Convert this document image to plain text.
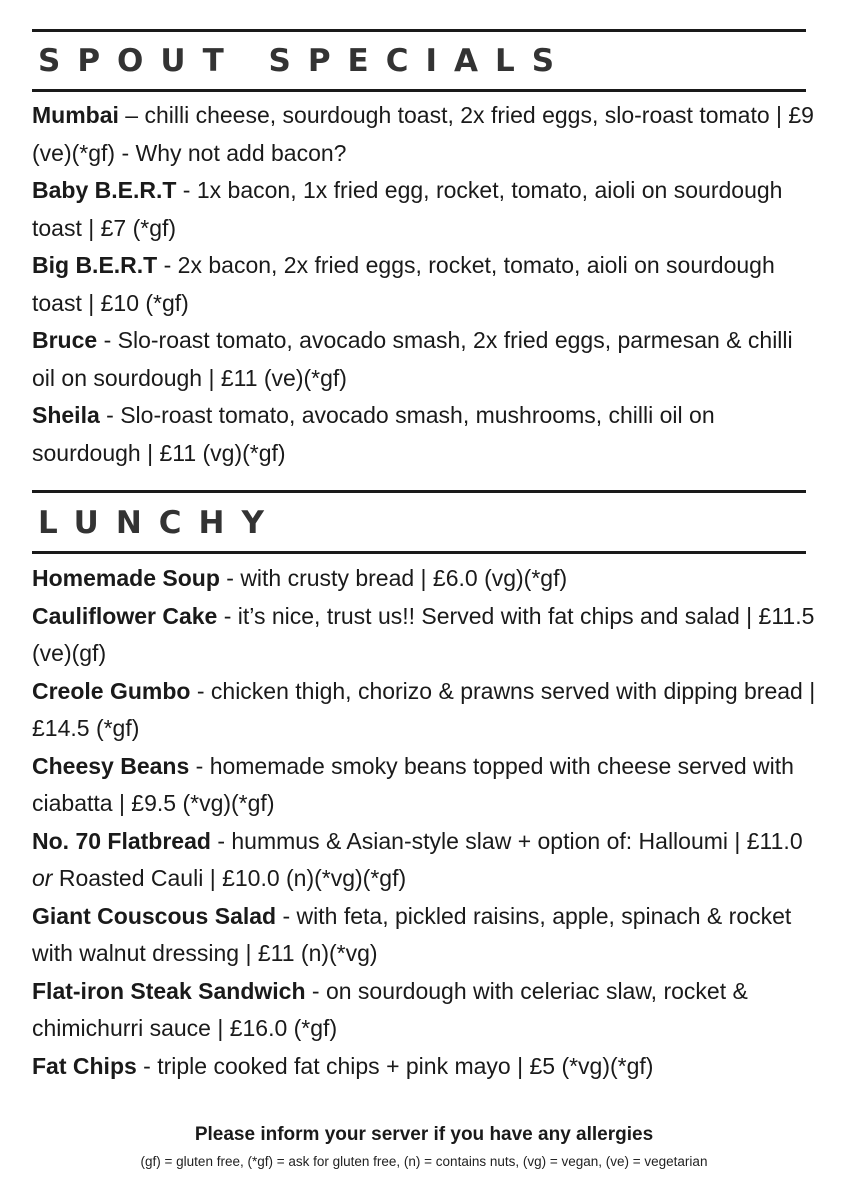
SPOUT SPECIALS
Mumbai – chilli cheese, sourdough toast, 2x fried eggs, slo-roast tomato | £9 (ve)(*gf) - Why not add bacon?
Baby B.E.R.T - 1x bacon, 1x fried egg, rocket, tomato, aioli on sourdough toast | £7 (*gf)
Big B.E.R.T - 2x bacon, 2x fried eggs, rocket, tomato, aioli on sourdough toast | £10 (*gf)
Bruce - Slo-roast tomato, avocado smash, 2x fried eggs, parmesan & chilli oil on sourdough | £11 (ve)(*gf)
Sheila - Slo-roast tomato, avocado smash, mushrooms, chilli oil on sourdough | £11 (vg)(*gf)
LUNCHY
Homemade Soup - with crusty bread | £6.0 (vg)(*gf)
Cauliflower Cake - it’s nice, trust us!! Served with fat chips and salad | £11.5 (ve)(gf)
Creole Gumbo - chicken thigh, chorizo & prawns served with dipping bread | £14.5 (*gf)
Cheesy Beans - homemade smoky beans topped with cheese served with ciabatta | £9.5 (*vg)(*gf)
No. 70 Flatbread - hummus & Asian-style slaw + option of: Halloumi | £11.0 or Roasted Cauli | £10.0 (n)(*vg)(*gf)
Giant Couscous Salad - with feta, pickled raisins, apple, spinach & rocket with walnut dressing | £11 (n)(*vg)
Flat-iron Steak Sandwich - on sourdough with celeriac slaw, rocket & chimichurri sauce | £16.0 (*gf)
Fat Chips - triple cooked fat chips + pink mayo | £5 (*vg)(*gf)

Please inform your server if you have any allergies

(gf) = gluten free, (*gf) = ask for gluten free, (n) = contains nuts, (vg) = vegan, (ve) = vegetarian
